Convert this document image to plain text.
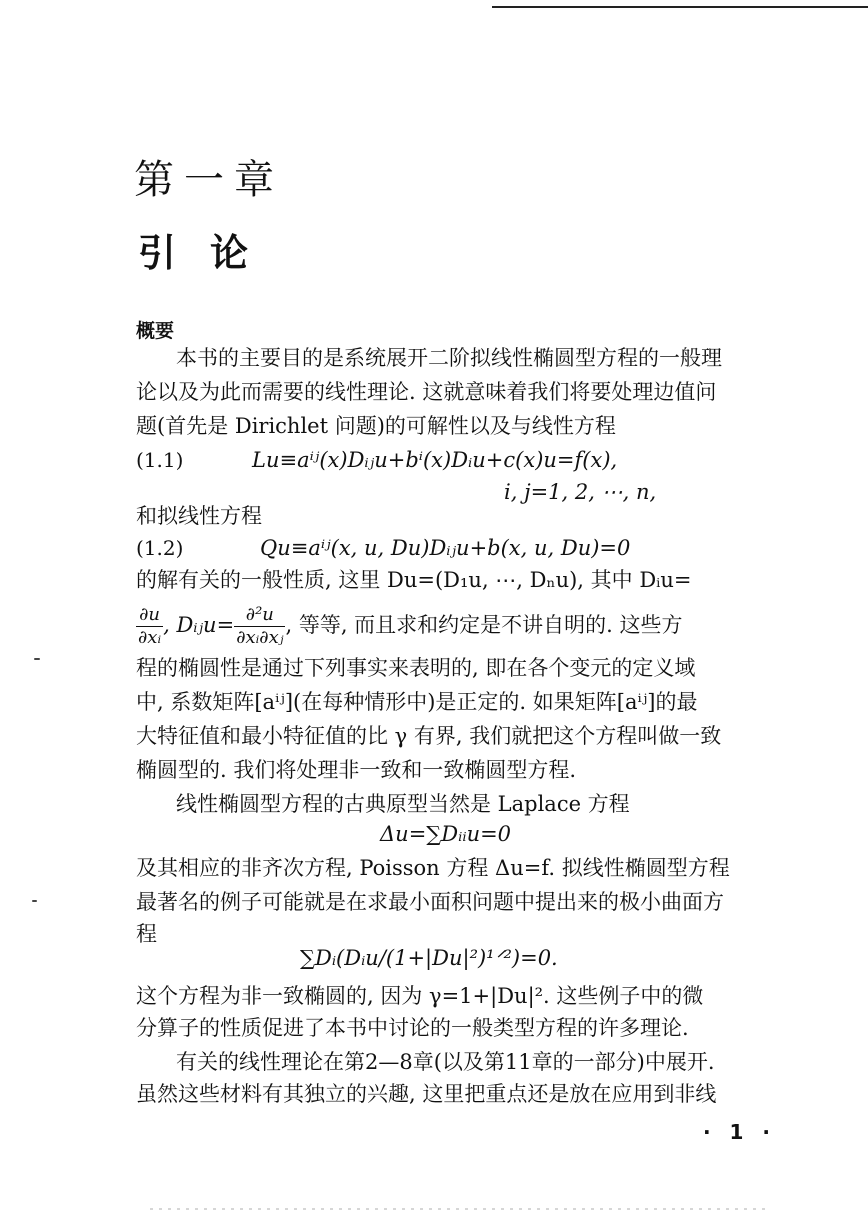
第一章
引论
概要
本书的主要目的是系统展开二阶拟线性椭圆型方程的一般理
论以及为此而需要的线性理论. 这就意味着我们将要处理边值问
题(首先是 Dirichlet 问题)的可解性以及与线性方程
(1.1)	Lu≡aⁱʲ(x)Dᵢⱼu+bⁱ(x)Dᵢu+c(x)u=f(x),
i, j=1, 2, ⋯, n,
和拟线性方程
(1.2)	Qu≡aⁱʲ(x, u, Du)Dᵢⱼu+b(x, u, Du)=0
的解有关的一般性质, 这里 Du=(D₁u, ⋯, Dₙu), 其中 Dᵢu=
$\frac{\partial u}{\text{∂xᵢ}}$ , Dᵢⱼu= $\frac{\text{∂²u}}{\text{∂xᵢ∂xⱼ}}$ , 等等, 而且求和约定是不讲自明的. 这些方
程的椭圆性是通过下列事实来表明的, 即在各个变元的定义域
中, 系数矩阵[aⁱʲ](在每种情形中)是正定的. 如果矩阵[aⁱʲ]的最
大特征值和最小特征值的比 γ 有界, 我们就把这个方程叫做一致
椭圆型的. 我们将处理非一致和一致椭圆型方程.
线性椭圆型方程的古典原型当然是 Laplace 方程
Δu=∑Dᵢᵢu=0
及其相应的非齐次方程, Poisson 方程 Δu=f. 拟线性椭圆型方程
最著名的例子可能就是在求最小面积问题中提出来的极小曲面方
程
∑Dᵢ(Dᵢu/(1+|Du|²)¹ᐟ²)=0.
这个方程为非一致椭圆的, 因为 γ=1+|Du|². 这些例子中的微
分算子的性质促进了本书中讨论的一般类型方程的许多理论.
有关的线性理论在第2—8章(以及第11章的一部分)中展开.
虽然这些材料有其独立的兴趣, 这里把重点还是放在应用到非线
· 1 ·
